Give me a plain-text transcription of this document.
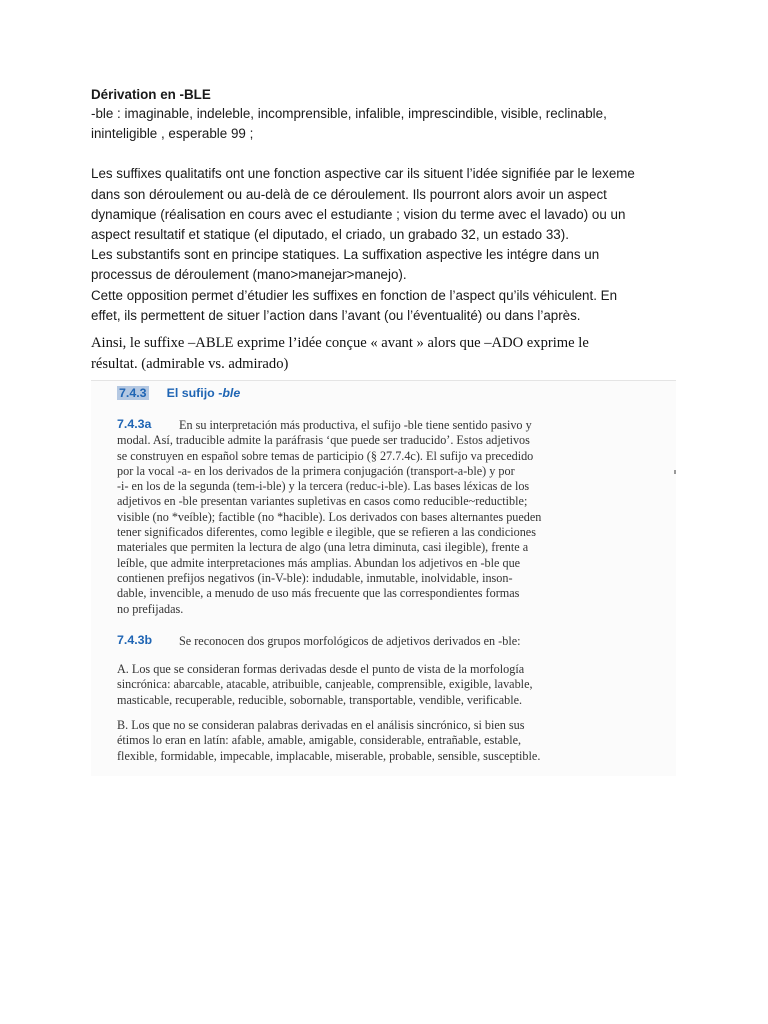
Dérivation en -BLE

-ble : imaginable, indeleble, incomprensible, infalible, imprescindible, visible, reclinable,

ininteligible , esperable 99 ;

Les suffixes qualitatifs ont une fonction aspective car ils situent l’idée signifiée par le lexeme

dans son déroulement ou au-delà de ce déroulement. Ils pourront alors avoir un aspect

dynamique (réalisation en cours avec el estudiante ; vision du terme avec el lavado) ou un

aspect resultatif et statique (el diputado, el criado, un grabado 32, un estado 33).

Les substantifs sont en principe statiques. La suffixation aspective les intégre dans un

processus de déroulement (mano>manejar>manejo).

Cette opposition permet d’étudier les suffixes en fonction de l’aspect qu’ils véhiculent. En

effet, ils permettent de situer l’action dans l’avant (ou l’éventualité) ou dans l’après.

Ainsi, le suffixe –ABLE exprime l’idée conçue « avant » alors que –ADO exprime le
résultat. (admirable vs. admirado)
7.4.3 El sufijo -ble
7.4.3a	En su interpretación más productiva, el sufijo -ble tiene sentido pasivo y
modal. Así, traducible admite la paráfrasis ‘que puede ser traducido’. Estos adjetivos
se construyen en español sobre temas de participio (§ 27.7.4c). El sufijo va precedido
por la vocal -a- en los derivados de la primera conjugación (transport-a-ble) y por
-i- en los de la segunda (tem-i-ble) y la tercera (reduc-i-ble). Las bases léxicas de los
adjetivos en -ble presentan variantes supletivas en casos como reducible~reductible;
visible (no *veíble); factible (no *hacible). Los derivados con bases alternantes pueden
tener significados diferentes, como legible e ilegible, que se refieren a las condiciones
materiales que permiten la lectura de algo (una letra diminuta, casi ilegible), frente a
leíble, que admite interpretaciones más amplias. Abundan los adjetivos en -ble que
contienen prefijos negativos (in-V-ble): indudable, inmutable, inolvidable, inson-
dable, invencible, a menudo de uso más frecuente que las correspondientes formas
no prefijadas.
7.4.3b	Se reconocen dos grupos morfológicos de adjetivos derivados en -ble:
A. Los que se consideran formas derivadas desde el punto de vista de la morfología
sincrónica: abarcable, atacable, atribuible, canjeable, comprensible, exigible, lavable,
masticable, recuperable, reducible, sobornable, transportable, vendible, verificable.
B. Los que no se consideran palabras derivadas en el análisis sincrónico, si bien sus
étimos lo eran en latín: afable, amable, amigable, considerable, entrañable, estable,
flexible, formidable, impecable, implacable, miserable, probable, sensible, susceptible.
